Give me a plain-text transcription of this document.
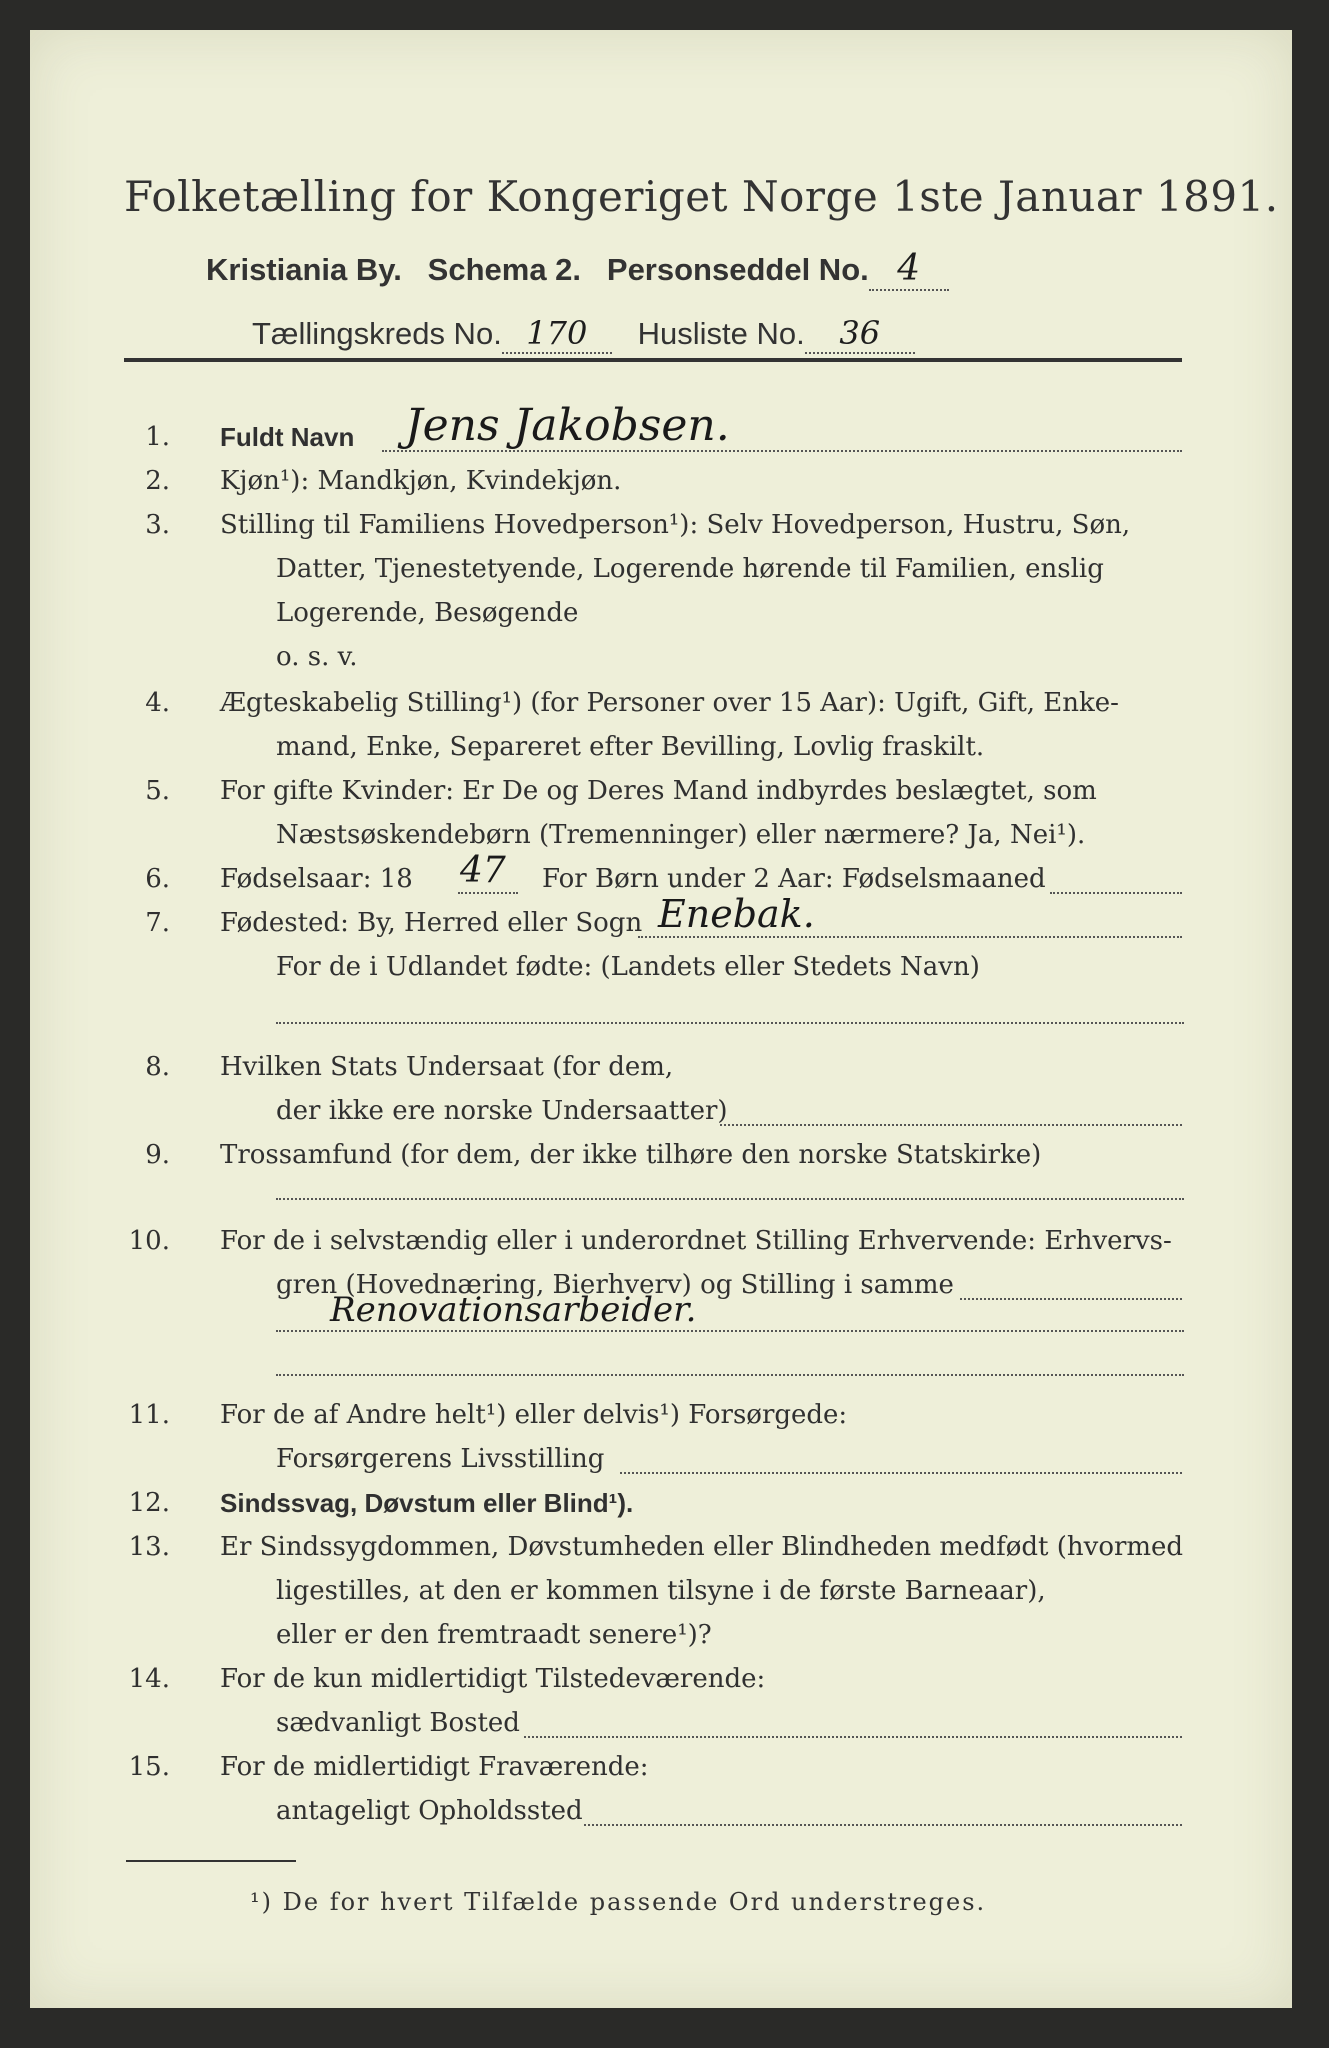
Folketælling for Kongeriget Norge 1ste Januar 1891.
Kristiania By. Schema 2. Personseddel No. 4
Tællingskreds No. 170 Husliste No. 36
1. Fuldt Navn Jens Jakobsen.
2. Kjøn¹): Mandkjøn, Kvindekjøn.
3. Stilling til Familiens Hovedperson¹): Selv Hovedperson, Hustru, Søn,
Datter, Tjenestetyende, Logerende hørende til Familien, enslig
Logerende, Besøgende
o. s. v.
4. Ægteskabelig Stilling¹) (for Personer over 15 Aar): Ugift, Gift, Enke-
mand, Enke, Separeret efter Bevilling, Lovlig fraskilt.
5. For gifte Kvinder: Er De og Deres Mand indbyrdes beslægtet, som
Næstsøskendebørn (Tremenninger) eller nærmere? Ja, Nei¹).
6. Fødselsaar: 18 47 For Børn under 2 Aar: Fødselsmaaned
7. Fødested: By, Herred eller Sogn Enebak.
For de i Udlandet fødte: (Landets eller Stedets Navn)
8. Hvilken Stats Undersaat (for dem,
der ikke ere norske Undersaatter)
9. Trossamfund (for dem, der ikke tilhøre den norske Statskirke)
10. For de i selvstændig eller i underordnet Stilling Erhvervende: Erhvervs-
gren (Hovednæring, Bierhverv) og Stilling i samme
Renovationsarbeider.
11. For de af Andre helt¹) eller delvis¹) Forsørgede:
Forsørgerens Livsstilling
12. Sindssvag, Døvstum eller Blind¹).
13. Er Sindssygdommen, Døvstumheden eller Blindheden medfødt (hvormed
ligestilles, at den er kommen tilsyne i de første Barneaar),
eller er den fremtraadt senere¹)?
14. For de kun midlertidigt Tilstedeværende:
sædvanligt Bosted
15. For de midlertidigt Fraværende:
antageligt Opholdssted
¹) De for hvert Tilfælde passende Ord understreges.
